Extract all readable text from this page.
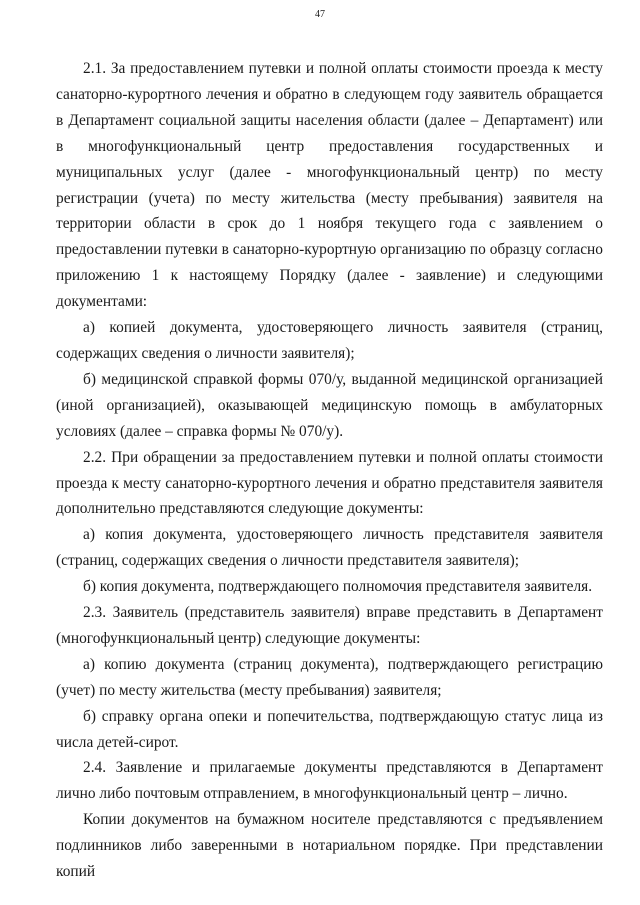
47

2.1. За предоставлением путевки и полной оплаты стоимости проезда к месту санаторно-курортного лечения и обратно в следующем году заявитель обращается в Департамент социальной защиты населения области (далее – Департамент) или в многофункциональный центр предоставления государственных и муниципальных услуг (далее - многофункциональный центр) по месту регистрации (учета) по месту жительства (месту пребывания) заявителя на территории области в срок до 1 ноября текущего года с заявлением о предоставлении путевки в санаторно-курортную организацию по образцу согласно приложению 1 к настоящему Порядку (далее - заявление) и следующими документами:

а) копией документа, удостоверяющего личность заявителя (страниц, содержащих сведения о личности заявителя);

б) медицинской справкой формы 070/у, выданной медицинской организацией (иной организацией), оказывающей медицинскую помощь в амбулаторных условиях (далее – справка формы № 070/у).

2.2. При обращении за предоставлением путевки и полной оплаты стоимости проезда к месту санаторно-курортного лечения и обратно представителя заявителя дополнительно представляются следующие документы:

а) копия документа, удостоверяющего личность представителя заявителя (страниц, содержащих сведения о личности представителя заявителя);

б) копия документа, подтверждающего полномочия представителя заявителя.

2.3. Заявитель (представитель заявителя) вправе представить в Департамент (многофункциональный центр) следующие документы:

а) копию документа (страниц документа), подтверждающего регистрацию (учет) по месту жительства (месту пребывания) заявителя;

б) справку органа опеки и попечительства, подтверждающую статус лица из числа детей-сирот.

2.4. Заявление и прилагаемые документы представляются в Департамент лично либо почтовым отправлением, в многофункциональный центр – лично.

Копии документов на бумажном носителе представляются с предъявлением подлинников либо заверенными в нотариальном порядке. При представлении копий
